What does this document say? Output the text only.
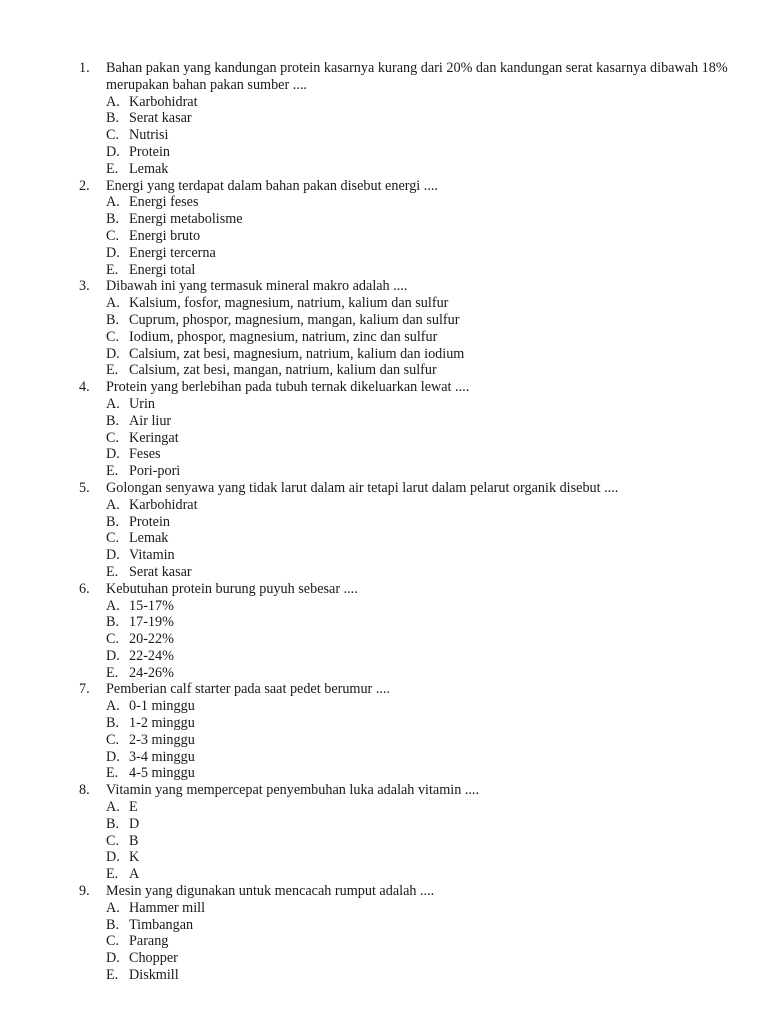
1.	Bahan pakan yang kandungan protein kasarnya kurang dari 20% dan kandungan serat kasarnya dibawah 18% merupakan bahan pakan sumber ....
A. Karbohidrat
B. Serat kasar
C. Nutrisi
D. Protein
E. Lemak
2.	Energi yang terdapat dalam bahan pakan disebut energi ....
A. Energi feses
B. Energi metabolisme
C. Energi bruto
D. Energi tercerna
E. Energi total
3.	Dibawah ini yang termasuk mineral makro adalah ....
A. Kalsium, fosfor, magnesium, natrium, kalium dan sulfur
B. Cuprum, phospor, magnesium, mangan, kalium dan sulfur
C. Iodium, phospor, magnesium, natrium, zinc dan sulfur
D. Calsium, zat besi, magnesium, natrium, kalium dan iodium
E. Calsium, zat besi, mangan, natrium, kalium dan sulfur
4.	Protein yang berlebihan pada tubuh ternak dikeluarkan lewat ....
A. Urin
B. Air liur
C. Keringat
D. Feses
E. Pori-pori
5.	Golongan senyawa yang tidak larut dalam air tetapi larut dalam pelarut organik disebut ....
A. Karbohidrat
B. Protein
C. Lemak
D. Vitamin
E. Serat kasar
6.	Kebutuhan protein burung puyuh sebesar ....
A. 15-17%
B. 17-19%
C. 20-22%
D. 22-24%
E. 24-26%
7.	Pemberian calf starter pada saat pedet berumur ....
A. 0-1 minggu
B. 1-2 minggu
C. 2-3 minggu
D. 3-4 minggu
E. 4-5 minggu
8.	Vitamin yang mempercepat penyembuhan luka adalah vitamin ....
A. E
B. D
C. B
D. K
E. A
9.	Mesin yang digunakan untuk mencacah rumput adalah ....
A. Hammer mill
B. Timbangan
C. Parang
D. Chopper
E. Diskmill
